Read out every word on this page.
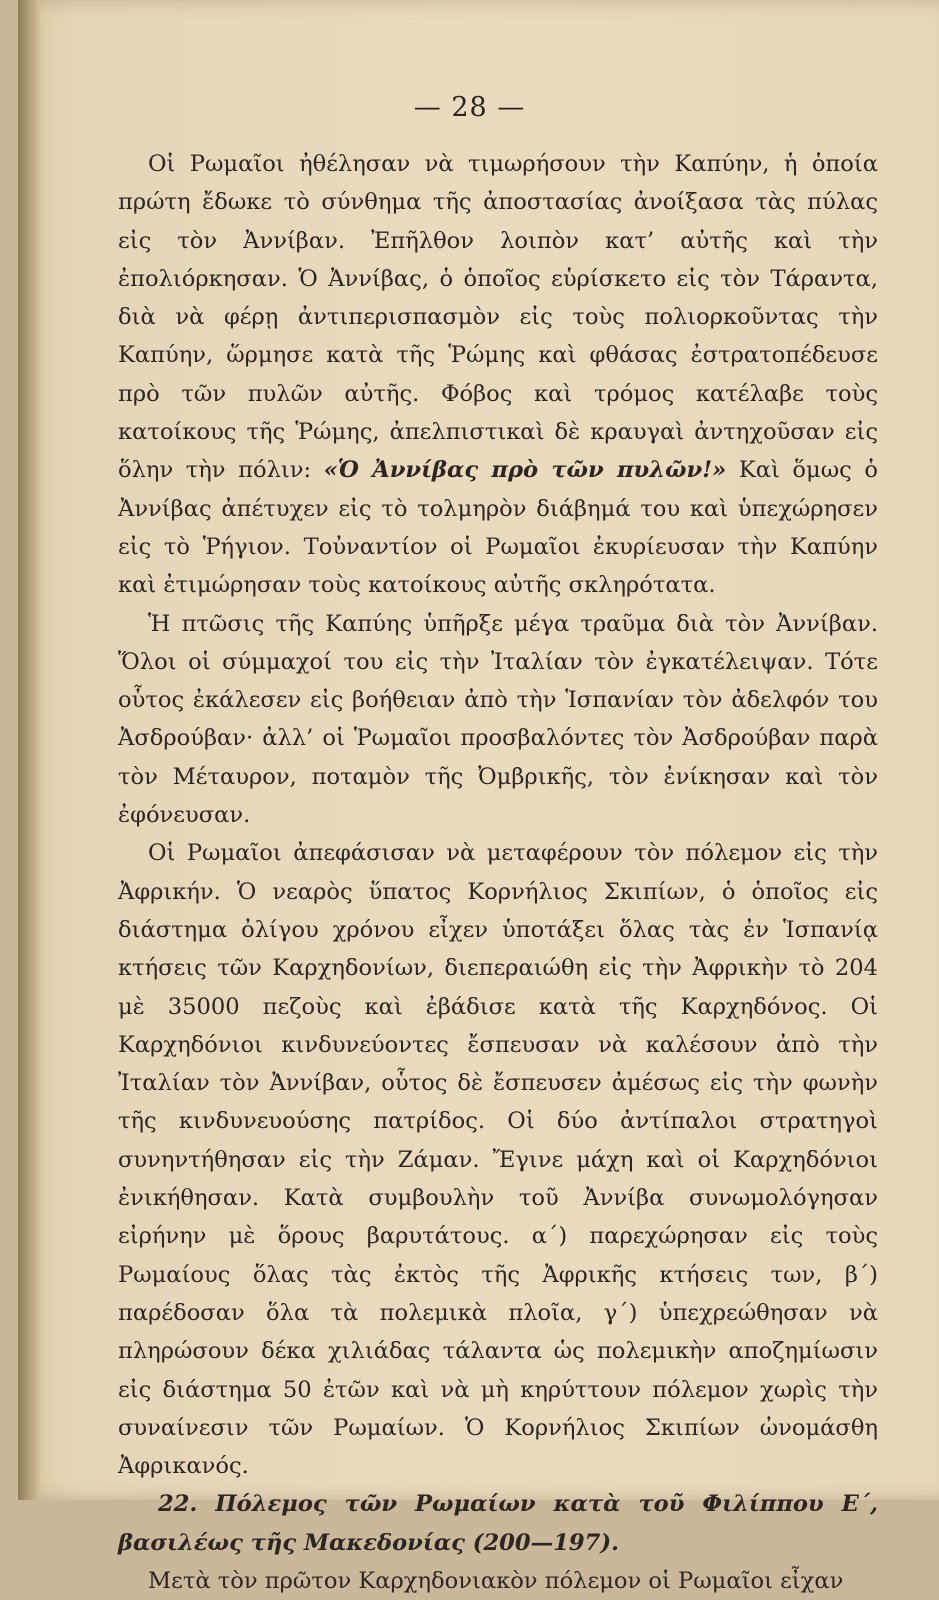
— 28 —

Οἱ Ρωμαῖοι ἠθέλησαν νὰ τιμωρήσουν τὴν Καπύην, ἡ ὁποία πρώτη ἔδωκε τὸ σύνθημα τῆς ἀποστασίας ἀνοίξασα τὰς πύλας εἰς τὸν Ἀννίβαν. Ἐπῆλθον λοιπὸν κατ’ αὐτῆς καὶ τὴν ἐπολιόρκησαν. Ὁ Ἀννίβας, ὁ ὁποῖος εὑρίσκετο εἰς τὸν Τάραντα, διὰ νὰ φέρῃ ἀντιπερισπασμὸν εἰς τοὺς πολιορκοῦντας τὴν Καπύην, ὥρμησε κατὰ τῆς Ῥώμης καὶ φθάσας ἐστρατοπέδευσε πρὸ τῶν πυλῶν αὐτῆς. Φόβος καὶ τρόμος κατέλαβε τοὺς κατοίκους τῆς Ῥώμης, ἀπελπιστικαὶ δὲ κραυγαὶ ἀντηχοῦσαν εἰς ὅλην τὴν πόλιν: «Ὁ Ἀννίβας πρὸ τῶν πυλῶν!» Καὶ ὅμως ὁ Ἀννίβας ἀπέτυχεν εἰς τὸ τολμηρὸν διάβημά του καὶ ὑπεχώρησεν εἰς τὸ Ῥήγιον. Τοὐναντίον οἱ Ρωμαῖοι ἐκυρίευσαν τὴν Καπύην καὶ ἐτιμώρησαν τοὺς κατοίκους αὐτῆς σκληρότατα.

Ἡ πτῶσις τῆς Καπύης ὑπῆρξε μέγα τραῦμα διὰ τὸν Ἀννίβαν. Ὅλοι οἱ σύμμαχοί του εἰς τὴν Ἰταλίαν τὸν ἐγκατέλειψαν. Τότε οὗτος ἐκάλεσεν εἰς βοήθειαν ἀπὸ τὴν Ἱσπανίαν τὸν ἀδελφόν του Ἀσδρούβαν· ἀλλ’ οἱ Ῥωμαῖοι προσβαλόντες τὸν Ἀσδρούβαν παρὰ τὸν Μέταυρον, ποταμὸν τῆς Ὀμβρικῆς, τὸν ἐνίκησαν καὶ τὸν ἐφόνευσαν.

Οἱ Ρωμαῖοι ἀπεφάσισαν νὰ μεταφέρουν τὸν πόλεμον εἰς τὴν Ἀφρικήν. Ὁ νεαρὸς ὕπατος Κορνήλιος Σκιπίων, ὁ ὁποῖος εἰς διάστημα ὀλίγου χρόνου εἶχεν ὑποτάξει ὅλας τὰς ἐν Ἱσπανίᾳ κτήσεις τῶν Καρχηδονίων, διεπεραιώθη εἰς τὴν Ἀφρικὴν τὸ 204 μὲ 35000 πεζοὺς καὶ ἐβάδισε κατὰ τῆς Καρχηδόνος. Οἱ Καρχηδόνιοι κινδυνεύοντες ἔσπευσαν νὰ καλέσουν ἀπὸ τὴν Ἰταλίαν τὸν Ἀννίβαν, οὗτος δὲ ἔσπευσεν ἀμέσως εἰς τὴν φωνὴν τῆς κινδυνευούσης πατρίδος. Οἱ δύο ἀντίπαλοι στρατηγοὶ συνηντήθησαν εἰς τὴν Ζάμαν. Ἔγινε μάχη καὶ οἱ Καρχηδόνιοι ἐνικήθησαν. Κατὰ συμβουλὴν τοῦ Ἀννίβα συνωμολόγησαν εἰρήνην μὲ ὅρους βαρυτάτους. α΄) παρεχώρησαν εἰς τοὺς Ρωμαίους ὅλας τὰς ἐκτὸς τῆς Ἀφρικῆς κτήσεις των, β΄) παρέδοσαν ὅλα τὰ πολεμικὰ πλοῖα, γ΄) ὑπεχρεώθησαν νὰ πληρώσουν δέκα χιλιάδας τάλαντα ὡς πολεμικὴν αποζημίωσιν εἰς διάστημα 50 ἐτῶν καὶ νὰ μὴ κηρύττουν πόλεμον χωρὶς τὴν συναίνεσιν τῶν Ρωμαίων. Ὁ Κορνήλιος Σκιπίων ὠνομάσθη Ἀφρικανός.

22. Πόλεμος τῶν Ρωμαίων κατὰ τοῦ Φιλίππου Ε΄, βασιλέως τῆς Μακεδονίας (200—197).

Μετὰ τὸν πρῶτον Καρχηδονιακὸν πόλεμον οἱ Ρωμαῖοι εἶχαν
